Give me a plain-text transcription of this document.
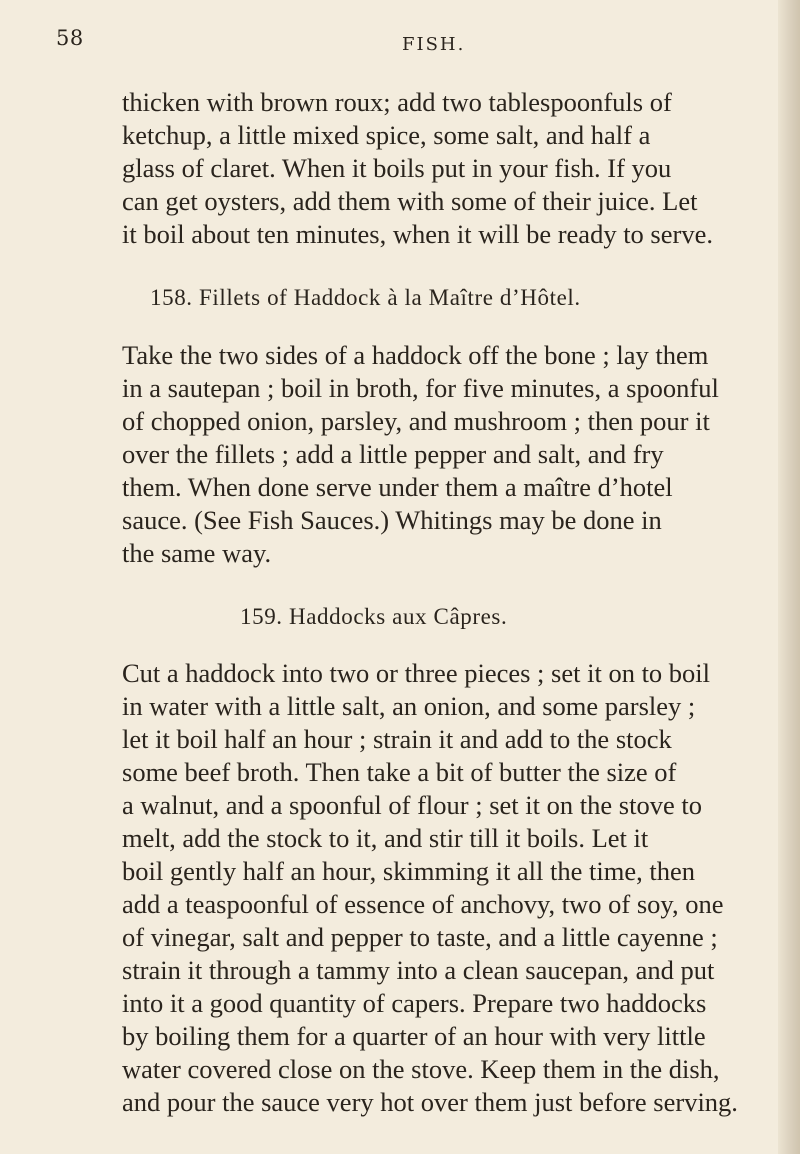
58	FISH.
thicken with brown roux; add two tablespoonfuls of
ketchup, a little mixed spice, some salt, and half a
glass of claret. When it boils put in your fish. If you
can get oysters, add them with some of their juice. Let
it boil about ten minutes, when it will be ready to serve.
158. Fillets of Haddock à la Maître d’Hôtel.
Take the two sides of a haddock off the bone ; lay them
in a sautepan ; boil in broth, for five minutes, a spoonful
of chopped onion, parsley, and mushroom ; then pour it
over the fillets ; add a little pepper and salt, and fry
them. When done serve under them a maître d’hotel
sauce. (See Fish Sauces.) Whitings may be done in
the same way.
159. Haddocks aux Câpres.
Cut a haddock into two or three pieces ; set it on to boil
in water with a little salt, an onion, and some parsley ;
let it boil half an hour ; strain it and add to the stock
some beef broth. Then take a bit of butter the size of
a walnut, and a spoonful of flour ; set it on the stove to
melt, add the stock to it, and stir till it boils. Let it
boil gently half an hour, skimming it all the time, then
add a teaspoonful of essence of anchovy, two of soy, one
of vinegar, salt and pepper to taste, and a little cayenne ;
strain it through a tammy into a clean saucepan, and put
into it a good quantity of capers. Prepare two haddocks
by boiling them for a quarter of an hour with very little
water covered close on the stove. Keep them in the dish,
and pour the sauce very hot over them just before serving.
